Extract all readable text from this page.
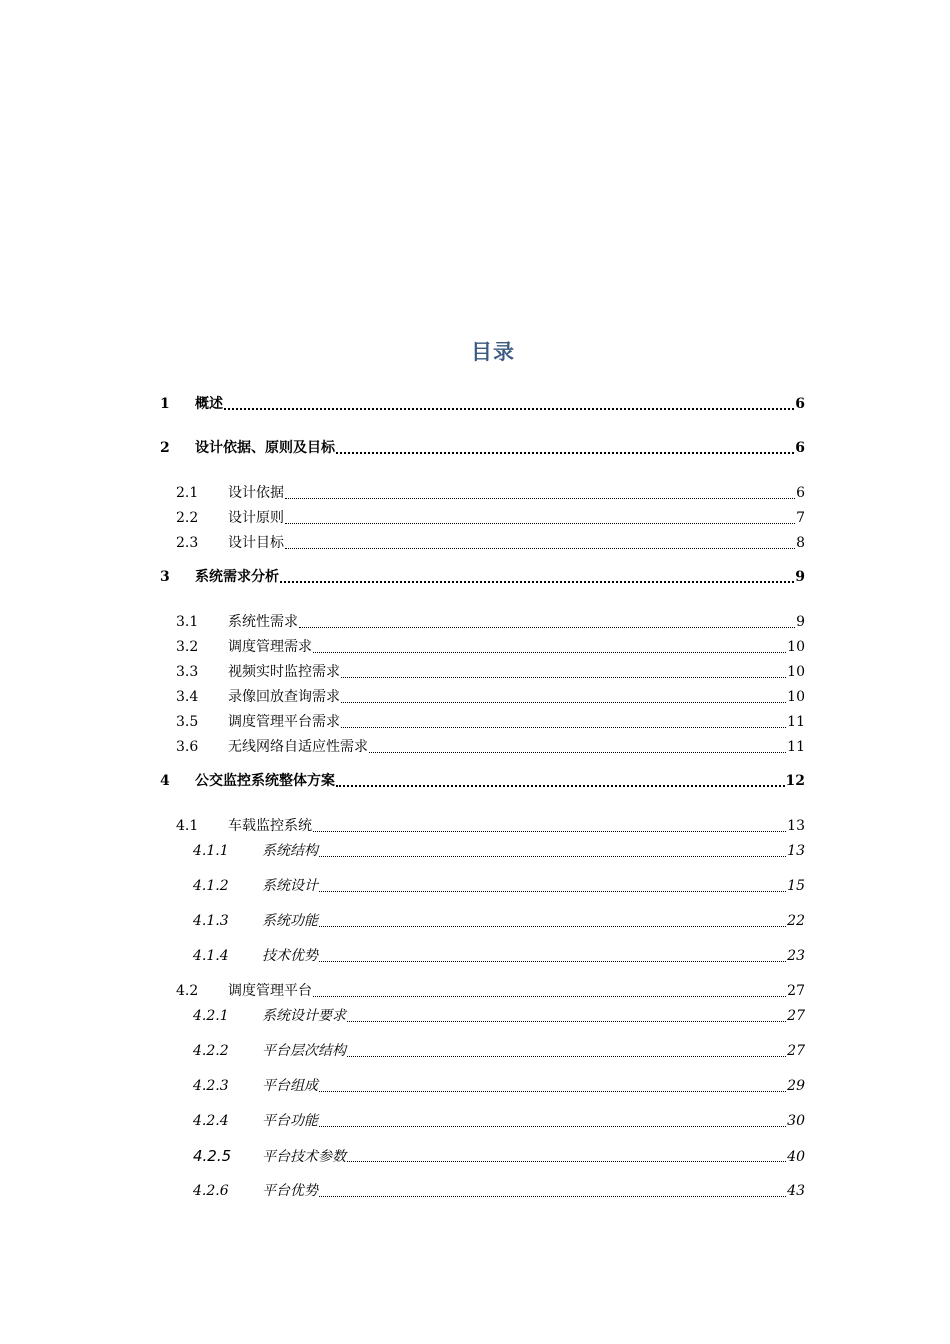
目录
1	概述	6
2	设计依据、原则及目标	6
2.1	设计依据	6
2.2	设计原则	7
2.3	设计目标	8
3	系统需求分析	9
3.1	系统性需求	9
3.2	调度管理需求	10
3.3	视频实时监控需求	10
3.4	录像回放查询需求	10
3.5	调度管理平台需求	11
3.6	无线网络自适应性需求	11
4	公交监控系统整体方案	12
4.1	车载监控系统	13
4.1.1	系统结构	13
4.1.2	系统设计	15
4.1.3	系统功能	22
4.1.4	技术优势	23
4.2	调度管理平台	27
4.2.1	系统设计要求	27
4.2.2	平台层次结构	27
4.2.3	平台组成	29
4.2.4	平台功能	30
4.2.5	平台技术参数	40
4.2.6	平台优势	43
